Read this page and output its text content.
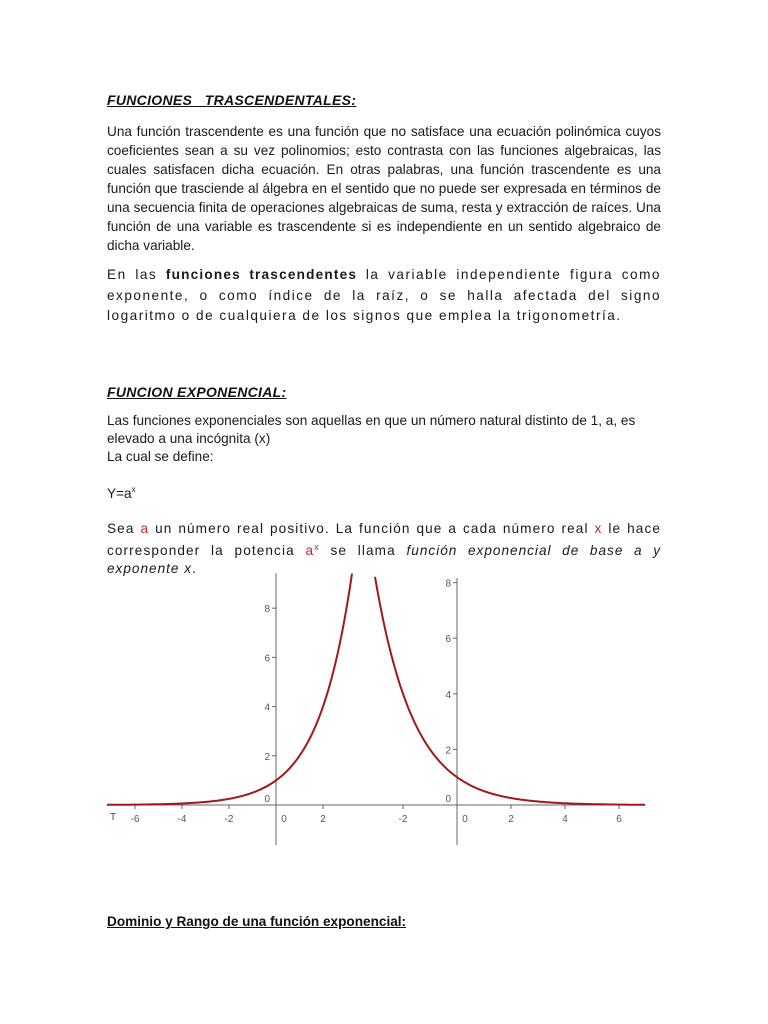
FUNCIONES   TRASCENDENTALES:
Una función trascendente es una función que no satisface una ecuación polinómica cuyos coeficientes sean a su vez polinomios; esto contrasta con las funciones algebraicas, las cuales satisfacen dicha ecuación. En otras palabras, una función trascendente es una función que trasciende al álgebra en el sentido que no puede ser expresada en términos de una secuencia finita de operaciones algebraicas de suma, resta y extracción de raíces. Una función de una variable es trascendente si es independiente en un sentido algebraico de dicha variable.
En las funciones trascendentes la variable independiente figura como exponente, o como índice de la raíz, o se halla afectada del signo logaritmo o de cualquiera de los signos que emplea la trigonometría.
FUNCION EXPONENCIAL:
Las funciones exponenciales son aquellas en que un número natural distinto de 1, a, es elevado a una incógnita (x)
La cual se define:
$Y=a^x$
Sea a un número real positivo. La función que a cada número real x le hace corresponder la potencia $a^x$ se llama función exponencial de base a y exponente x.
0
2
4
6
8
-6	-4	-2	0	2
0
2
4
6
8
-2	0	2	4	6
T
Dominio y Rango de una función exponencial:
